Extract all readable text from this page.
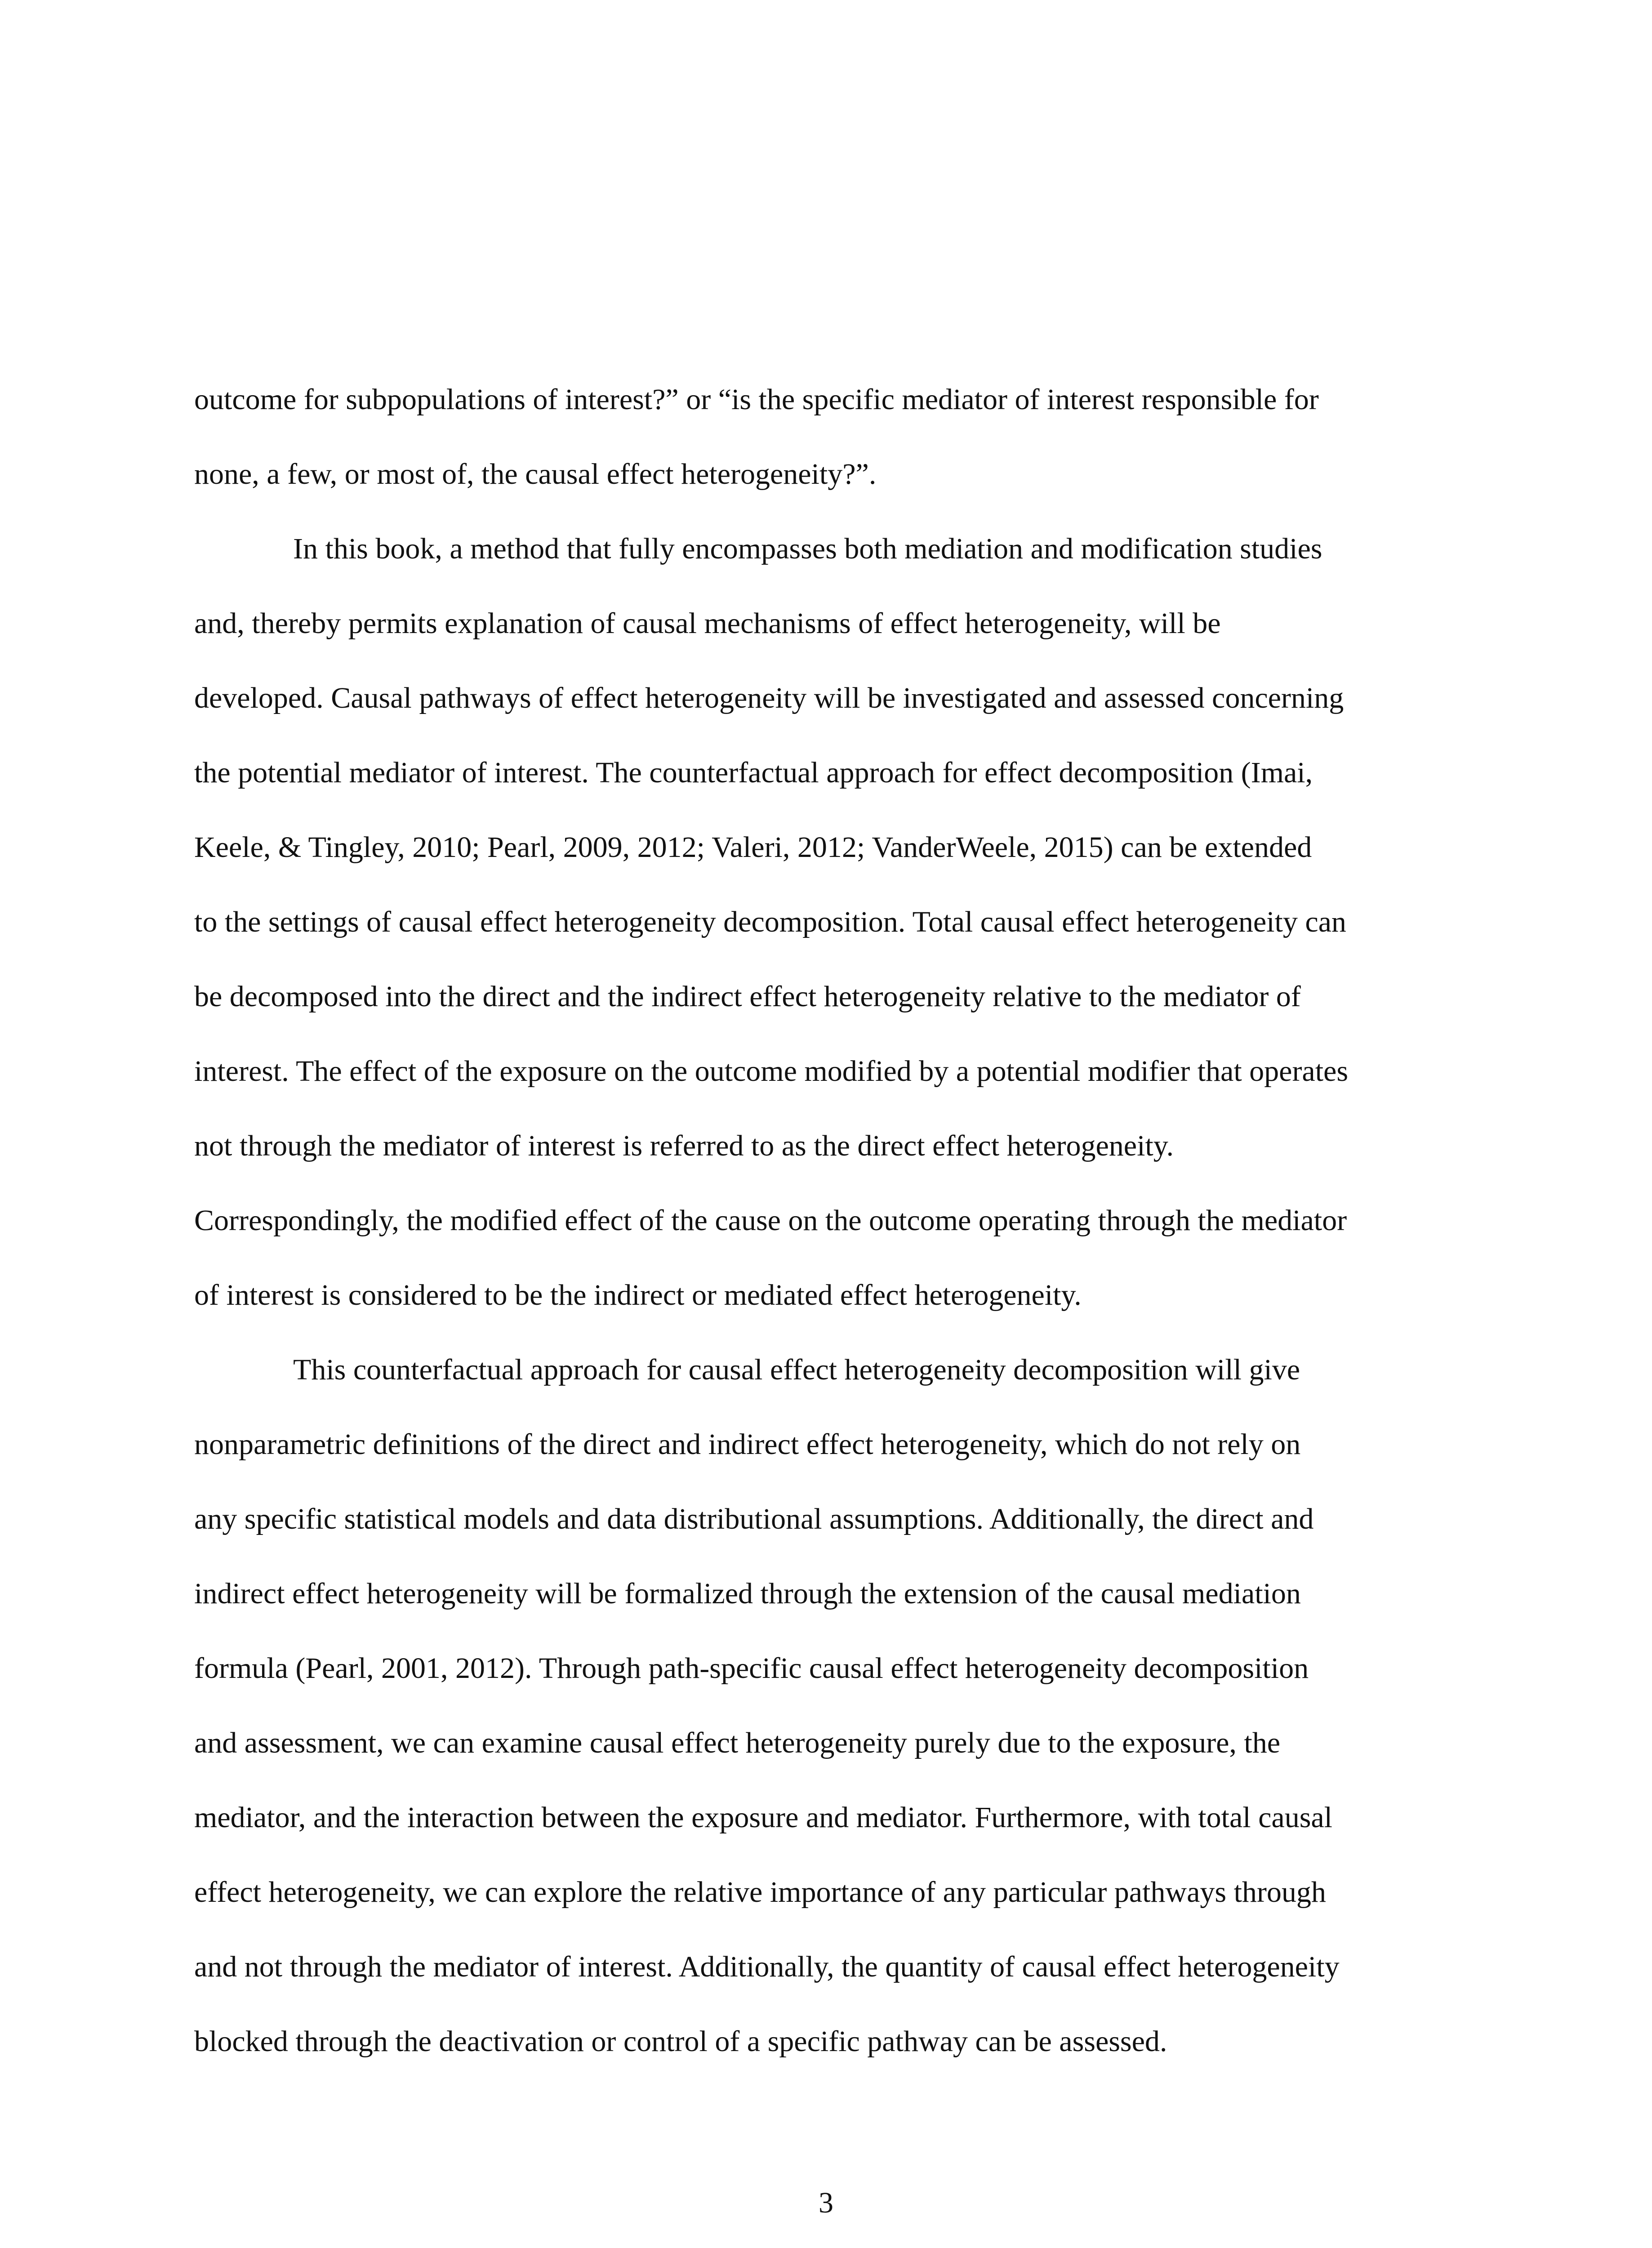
outcome for subpopulations of interest?” or “is the specific mediator of interest responsible for
none, a few, or most of, the causal effect heterogeneity?”.
In this book, a method that fully encompasses both mediation and modification studies
and, thereby permits explanation of causal mechanisms of effect heterogeneity, will be
developed. Causal pathways of effect heterogeneity will be investigated and assessed concerning
the potential mediator of interest. The counterfactual approach for effect decomposition (Imai,
Keele, & Tingley, 2010; Pearl, 2009, 2012; Valeri, 2012; VanderWeele, 2015) can be extended
to the settings of causal effect heterogeneity decomposition. Total causal effect heterogeneity can
be decomposed into the direct and the indirect effect heterogeneity relative to the mediator of
interest. The effect of the exposure on the outcome modified by a potential modifier that operates
not through the mediator of interest is referred to as the direct effect heterogeneity.
Correspondingly, the modified effect of the cause on the outcome operating through the mediator
of interest is considered to be the indirect or mediated effect heterogeneity.
This counterfactual approach for causal effect heterogeneity decomposition will give
nonparametric definitions of the direct and indirect effect heterogeneity, which do not rely on
any specific statistical models and data distributional assumptions. Additionally, the direct and
indirect effect heterogeneity will be formalized through the extension of the causal mediation
formula (Pearl, 2001, 2012). Through path-specific causal effect heterogeneity decomposition
and assessment, we can examine causal effect heterogeneity purely due to the exposure, the
mediator, and the interaction between the exposure and mediator. Furthermore, with total causal
effect heterogeneity, we can explore the relative importance of any particular pathways through
and not through the mediator of interest. Additionally, the quantity of causal effect heterogeneity
blocked through the deactivation or control of a specific pathway can be assessed.
3
